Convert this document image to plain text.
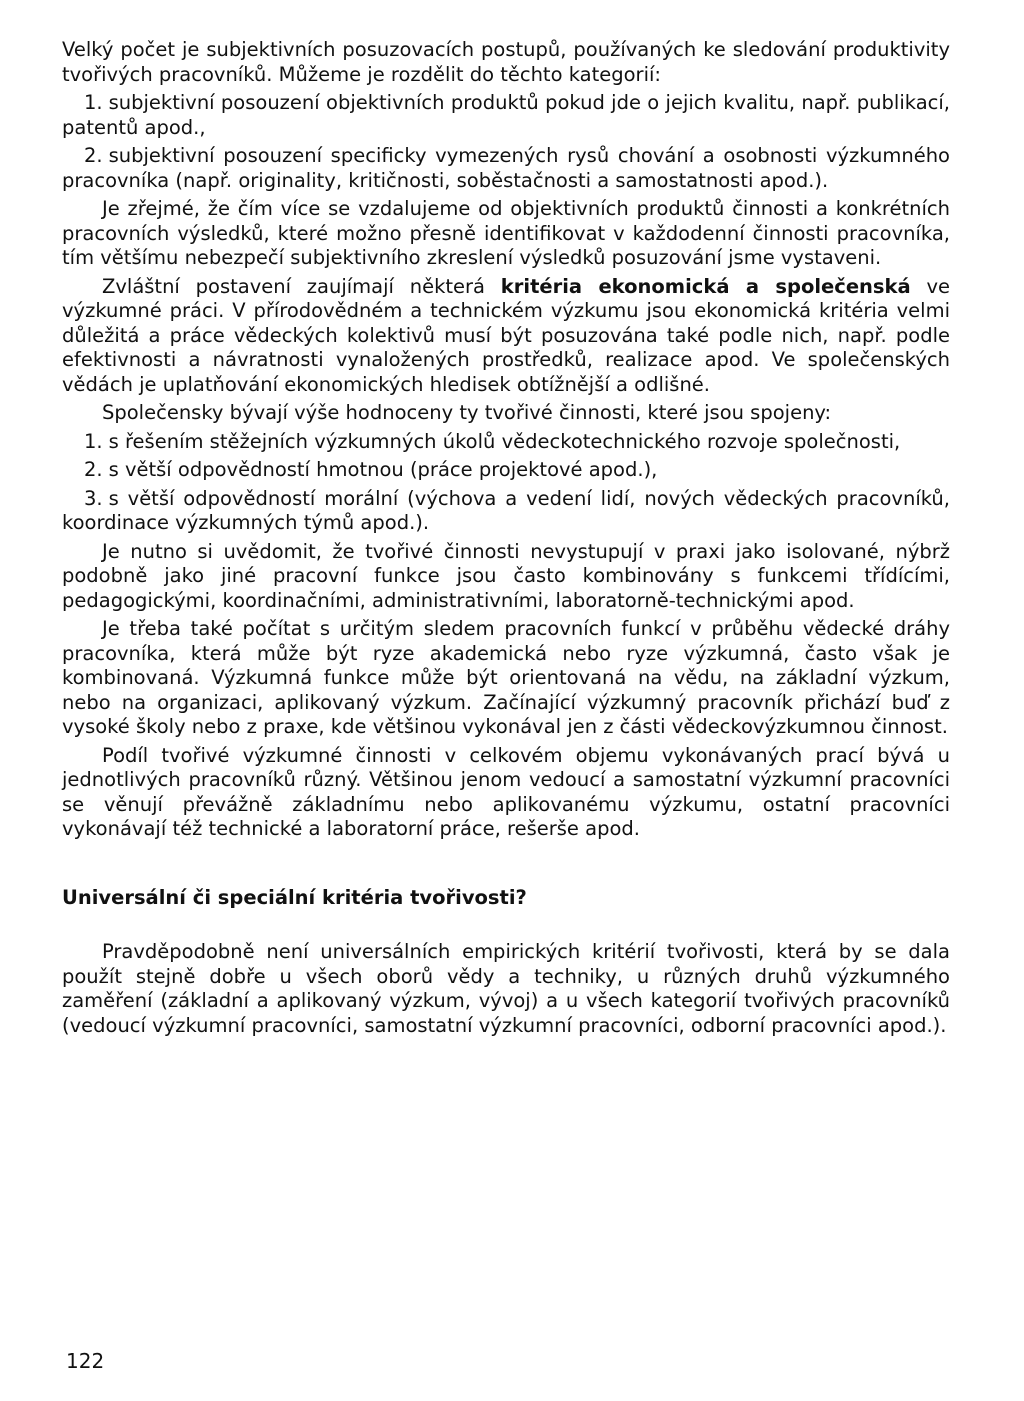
Velký počet je subjektivních posuzovacích postupů, používaných ke sledování produktivity tvořivých pracovníků. Můžeme je rozdělit do těchto kategorií:

1. subjektivní posouzení objektivních produktů pokud jde o jejich kvalitu, např. publikací, patentů apod.,

2. subjektivní posouzení specificky vymezených rysů chování a osobnosti výzkumného pracovníka (např. originality, kritičnosti, soběstačnosti a samostatnosti apod.).

Je zřejmé, že čím více se vzdalujeme od objektivních produktů činnosti a konkrétních pracovních výsledků, které možno přesně identifikovat v každodenní činnosti pracovníka, tím většímu nebezpečí subjektivního zkreslení výsledků posuzování jsme vystaveni.

Zvláštní postavení zaujímají některá kritéria ekonomická a společenská ve výzkumné práci. V přírodovědném a technickém výzkumu jsou ekonomická kritéria velmi důležitá a práce vědeckých kolektivů musí být posuzována také podle nich, např. podle efektivnosti a návratnosti vynaložených prostředků, realizace apod. Ve společenských vědách je uplatňování ekonomických hledisek obtížnější a odlišné.

Společensky bývají výše hodnoceny ty tvořivé činnosti, které jsou spojeny:

1. s řešením stěžejních výzkumných úkolů vědeckotechnického rozvoje společnosti,

2. s větší odpovědností hmotnou (práce projektové apod.),

3. s větší odpovědností morální (výchova a vedení lidí, nových vědeckých pracovníků, koordinace výzkumných týmů apod.).

Je nutno si uvědomit, že tvořivé činnosti nevystupují v praxi jako isolované, nýbrž podobně jako jiné pracovní funkce jsou často kombinovány s funkcemi třídícími, pedagogickými, koordinačními, administrativními, laboratorně-technickými apod.

Je třeba také počítat s určitým sledem pracovních funkcí v průběhu vědecké dráhy pracovníka, která může být ryze akademická nebo ryze výzkumná, často však je kombinovaná. Výzkumná funkce může být orientovaná na vědu, na základní výzkum, nebo na organizaci, aplikovaný výzkum. Začínající výzkumný pracovník přichází buď z vysoké školy nebo z praxe, kde většinou vykonával jen z části vědeckovýzkumnou činnost.

Podíl tvořivé výzkumné činnosti v celkovém objemu vykonávaných prací bývá u jednotlivých pracovníků různý. Většinou jenom vedoucí a samostatní výzkumní pracovníci se věnují převážně základnímu nebo aplikovanému výzkumu, ostatní pracovníci vykonávají též technické a laboratorní práce, rešerše apod.

Universální či speciální kritéria tvořivosti?

Pravděpodobně není universálních empirických kritérií tvořivosti, která by se dala použít stejně dobře u všech oborů vědy a techniky, u různých druhů výzkumného zaměření (základní a aplikovaný výzkum, vývoj) a u všech kategorií tvořivých pracovníků (vedoucí výzkumní pracovníci, samostatní výzkumní pracovníci, odborní pracovníci apod.).

122
